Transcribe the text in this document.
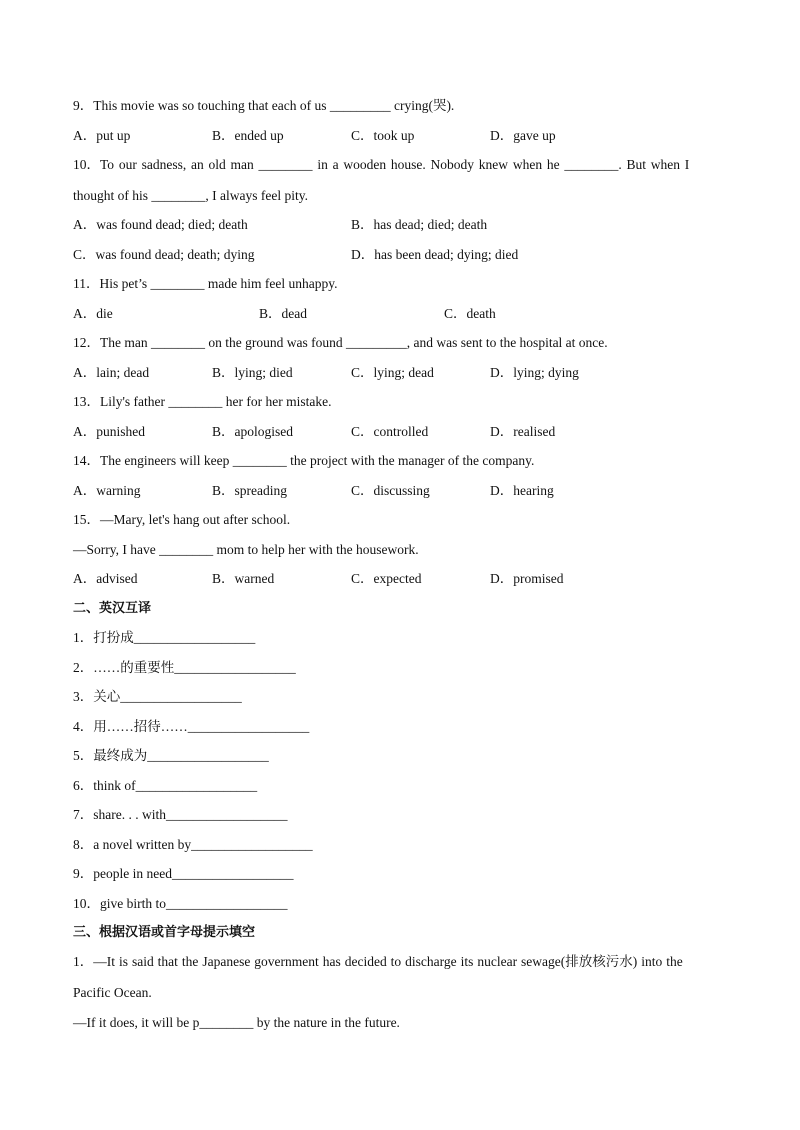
9．This movie was so touching that each of us _________ crying(哭).
A．put up	B．ended up	C．took up	D．gave up
10．To our sadness, an old man ________ in a wooden house. Nobody knew when he ________. But when I
thought of his ________, I always feel pity.
A．was found dead; died; death	B．has dead; died; death
C．was found dead; death; dying	D．has been dead; dying; died
11．His pet’s ________ made him feel unhappy.
A．die	B．dead	C．death
12．The man ________ on the ground was found _________, and was sent to the hospital at once.
A．lain; dead	B．lying; died	C．lying; dead	D．lying; dying
13．Lily's father ________ her for her mistake.
A．punished	B．apologised	C．controlled	D．realised
14．The engineers will keep ________ the project with the manager of the company.
A．warning	B．spreading	C．discussing	D．hearing
15．—Mary, let's hang out after school.
—Sorry, I have ________ mom to help her with the housework.
A．advised	B．warned	C．expected	D．promised
二、英汉互译
1．打扮成__________________
2．……的重要性__________________
3．关心__________________
4．用……招待……__________________
5．最终成为__________________
6．think of__________________
7．share. . . with__________________
8．a novel written by__________________
9．people in need__________________
10．give birth to__________________
三、根据汉语或首字母提示填空
1．—It is said that the Japanese government has decided to discharge its nuclear sewage(排放核污水) into the
Pacific Ocean.
—If it does, it will be p________ by the nature in the future.
